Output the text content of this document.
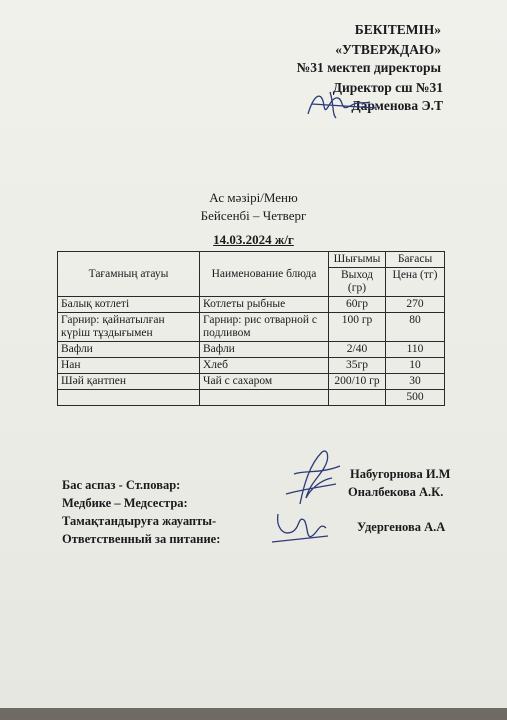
БЕКІТЕМІН»
«УТВЕРЖДАЮ»
№31 мектеп директоры
Директор сш №31
Дарменова Э.Т
Ас мәзірі/Меню
Бейсенбі – Четверг
14.03.2024 ж/г
Тағамның атауы	Наименование блюда	Шығымы	Бағасы
		Выход (гр)	Цена (тг)
Балық котлеті	Котлеты рыбные	60гр	270
Гарнир: қайнатылған күріш тұздығымен	Гарнир: рис отварной с подливом	100 гр	80
Вафли	Вафли	2/40	110
Нан	Хлеб	35гр	10
Шәй қантпен	Чай с сахаром	200/10 гр	30
			500
Бас аспаз - Ст.повар:
Медбике – Медсестра:
Тамақтандыруға жауапты-
Ответственный за питание:
Набугорнова И.М
Оналбекова А.К.
Удергенова А.А
